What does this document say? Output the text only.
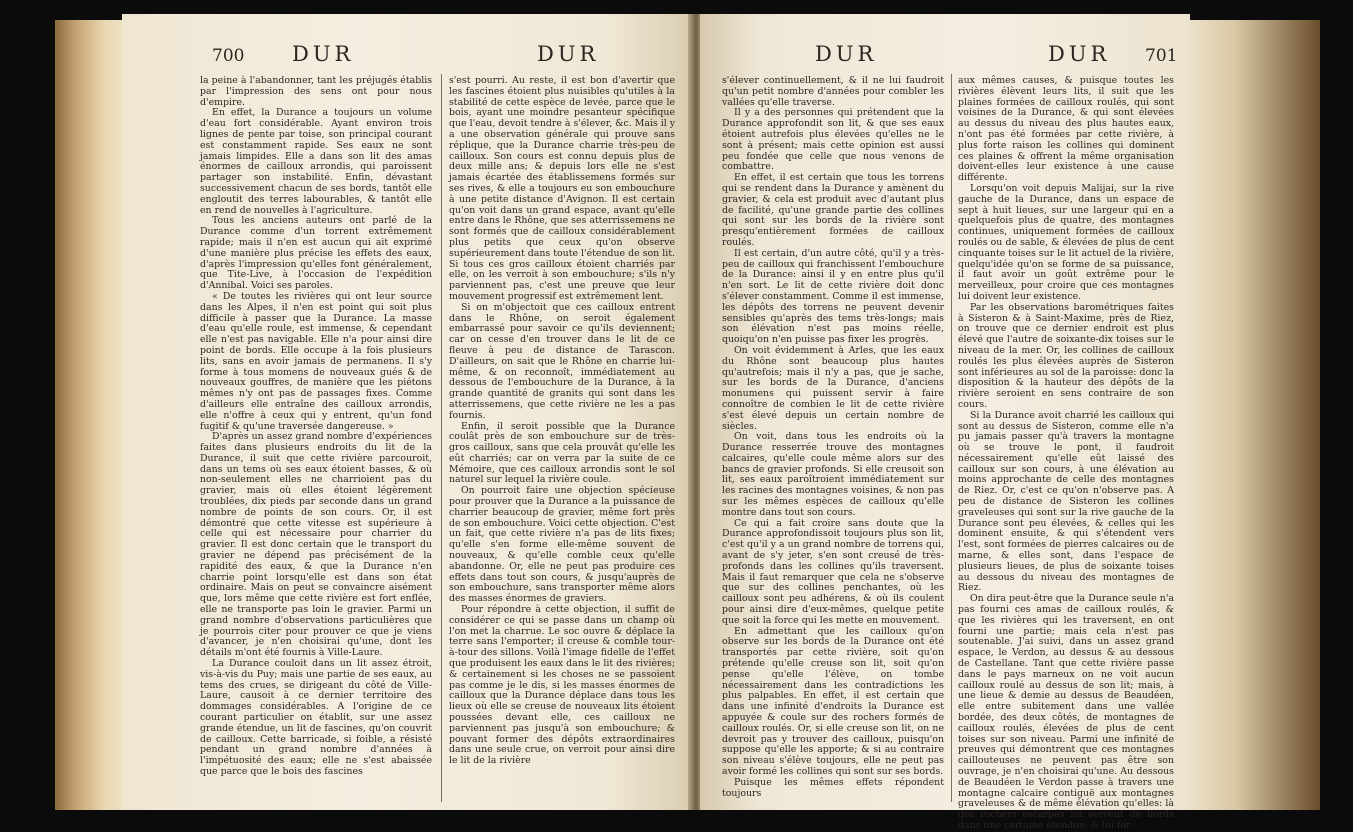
700 DUR	DUR

la peine à l'abandonner, tant les préjugés établis par l'impression des sens ont pour nous d'empire.

En effet, la Durance a toujours un volume d'eau fort considérable. Ayant environ trois lignes de pente par toise, son principal courant est constamment rapide. Ses eaux ne sont jamais limpides. Elle a dans son lit des amas énormes de cailloux arrondis, qui paroissent partager son instabilité. Enfin, dévastant successivement chacun de ses bords, tantôt elle engloutit des terres labourables, & tantôt elle en rend de nouvelles à l'agriculture.

Tous les anciens auteurs ont parlé de la Durance comme d'un torrent extrêmement rapide; mais il n'en est aucun qui ait exprimé d'une manière plus précise les effets des eaux, d'après l'impression qu'elles font généralement, que Tite-Live, à l'occasion de l'expédition d'Annibal. Voici ses paroles.

« De toutes les rivières qui ont leur source dans les Alpes, il n'en est point qui soit plus difficile à passer que la Durance. La masse d'eau qu'elle roule, est immense, & cependant elle n'est pas navigable. Elle n'a pour ainsi dire point de bords. Elle occupe à la fois plusieurs lits, sans en avoir jamais de permanens. Il s'y forme à tous momens de nouveaux gués & de nouveaux gouffres, de manière que les piétons mêmes n'y ont pas de passages fixes. Comme d'ailleurs elle entraîne des cailloux arrondis, elle n'offre à ceux qui y entrent, qu'un fond fugitif & qu'une traversée dangereuse. »

D'après un assez grand nombre d'expériences faites dans plusieurs endroits du lit de la Durance, il suit que cette rivière parcouroit, dans un tems où ses eaux étoient basses, & où non-seulement elles ne charrioient pas du gravier, mais où elles étoient légèrement troublées, dix pieds par seconde dans un grand nombre de points de son cours. Or, il est démontré que cette vitesse est supérieure à celle qui est nécessaire pour charrier du gravier. Il est donc certain que le transport du gravier ne dépend pas précisément de la rapidité des eaux, & que la Durance n'en charrie point lorsqu'elle est dans son état ordinaire. Mais on peut se convaincre aisément que, lors même que cette rivière est fort enflée, elle ne transporte pas loin le gravier. Parmi un grand nombre d'observations particulières que je pourrois citer pour prouver ce que je viens d'avancer, je n'en choisirai qu'une, dont les détails m'ont été fournis à Ville-Laure.

La Durance couloit dans un lit assez étroit, vis-à-vis du Puy; mais une partie de ses eaux, au tems des crues, se dirigeant du côté de Ville-Laure, causoit à ce dernier territoire des dommages considérables. A l'origine de ce courant particulier on établit, sur une assez grande étendue, un lit de fascines, qu'on couvrit de cailloux. Cette barricade, si foible, a résisté pendant un grand nombre d'années à l'impétuosité des eaux; elle ne s'est abaissée que parce que le bois des fascines

s'est pourri. Au reste, il est bon d'avertir que les fascines étoient plus nuisibles qu'utiles à la stabilité de cette espèce de levée, parce que le bois, ayant une moindre pesanteur spécifique que l'eau, devoit tendre à s'élever, &c. Mais il y a une observation générale qui prouve sans réplique, que la Durance charrie très-peu de cailloux. Son cours est connu depuis plus de deux mille ans; & depuis lors elle ne s'est jamais écartée des établissemens formés sur ses rives, & elle a toujours eu son embouchure à une petite distance d'Avignon. Il est certain qu'on voit dans un grand espace, avant qu'elle entre dans le Rhône, que ses atterrissemens ne sont formés que de cailloux considérablement plus petits que ceux qu'on observe supérieurement dans toute l'étendue de son lit. Si tous ces gros cailloux étoient charriés par elle, on les verroit à son embouchure; s'ils n'y parviennent pas, c'est une preuve que leur mouvement progressif est extrêmement lent.

Si on m'objectoit que ces cailloux entrent dans le Rhône, on seroit également embarrassé pour savoir ce qu'ils deviennent; car on cesse d'en trouver dans le lit de ce fleuve à peu de distance de Tarascon. D'ailleurs, on sait que le Rhône en charrie lui-même, & on reconnoît, immédiatement au dessous de l'embouchure de la Durance, à la grande quantité de granits qui sont dans les atterrissemens, que cette rivière ne les a pas fournis.

Enfin, il seroit possible que la Durance coulât près de son embouchure sur de très-gros cailloux, sans que cela prouvât qu'elle les eût charriés; car on verra par la suite de ce Mémoire, que ces cailloux arrondis sont le sol naturel sur lequel la rivière coule.

On pourroit faire une objection spécieuse pour prouver que la Durance a la puissance de charrier beaucoup de gravier, même fort près de son embouchure. Voici cette objection. C'est un fait, que cette rivière n'a pas de lits fixes; qu'elle s'en forme elle-même souvent de nouveaux, & qu'elle comble ceux qu'elle abandonne. Or, elle ne peut pas produire ces effets dans tout son cours, & jusqu'auprès de son embouchure, sans transporter même alors des masses énormes de graviers.

Pour répondre à cette objection, il suffit de considérer ce qui se passe dans un champ où l'on met la charrue. Le soc ouvre & déplace la terre sans l'emporter; il creuse & comble tour-à-tour des sillons. Voilà l'image fidelle de l'effet que produisent les eaux dans le lit des rivières; & certainement si les choses ne se passoient pas comme je le dis, si les masses énormes de cailloux que la Durance déplace dans tous les lieux où elle se creuse de nouveaux lits étoient poussées devant elle, ces cailloux ne parviennent pas jusqu'à son embouchure; & pouvant former des dépôts extraordinaires dans une seule crue, on verroit pour ainsi dire le lit de la rivière

DUR	DUR 701

s'élever continuellement, & il ne lui faudroit qu'un petit nombre d'années pour combler les vallées qu'elle traverse.

Il y a des personnes qui prétendent que la Durance approfondit son lit, & que ses eaux étoient autrefois plus élevées qu'elles ne le sont à présent; mais cette opinion est aussi peu fondée que celle que nous venons de combattre.

En effet, il est certain que tous les torrens qui se rendent dans la Durance y amènent du gravier, & cela est produit avec d'autant plus de facilité, qu'une grande partie des collines qui sont sur les bords de la rivière sont presqu'entièrement formées de cailloux roulés.

Il est certain, d'un autre côté, qu'il y a très-peu de cailloux qui franchissent l'embouchure de la Durance: ainsi il y en entre plus qu'il n'en sort. Le lit de cette rivière doit donc s'élever constamment. Comme il est immense, les dépôts des torrens ne peuvent devenir sensibles qu'après des tems très-longs; mais son élévation n'est pas moins réelle, quoiqu'on n'en puisse pas fixer les progrès.

On voit évidemment à Arles, que les eaux du Rhône sont beaucoup plus hautes qu'autrefois; mais il n'y a pas, que je sache, sur les bords de la Durance, d'anciens monumens qui puissent servir à faire connoître de combien le lit de cette rivière s'est élevé depuis un certain nombre de siècles.

On voit, dans tous les endroits où la Durance resserrée trouve des montagnes calcaires, qu'elle coule même alors sur des bancs de gravier profonds. Si elle creusoit son lit, ses eaux paroîtroient immédiatement sur les racines des montagnes voisines, & non pas sur les mêmes espèces de cailloux qu'elle montre dans tout son cours.

Ce qui a fait croire sans doute que la Durance approfondissoit toujours plus son lit, c'est qu'il y a un grand nombre de torrens qui, avant de s'y jeter, s'en sont creusé de très-profonds dans les collines qu'ils traversent. Mais il faut remarquer que cela ne s'observe que sur des collines penchantes, où les cailloux sont peu adhérens, & où ils coulent pour ainsi dire d'eux-mêmes, quelque petite que soit la force qui les mette en mouvement.

En admettant que les cailloux qu'on observe sur les bords de la Durance ont été transportés par cette rivière, soit qu'on prétende qu'elle creuse son lit, soit qu'on pense qu'elle l'élève, on tombe nécessairement dans les contradictions les plus palpables. En effet, il est certain que dans une infinité d'endroits la Durance est appuyée & coule sur des rochers formés de cailloux roulés. Or, si elle creuse son lit, on ne devroit pas y trouver des cailloux, puisqu'on suppose qu'elle les apporte; & si au contraire son niveau s'élève toujours, elle ne peut pas avoir formé les collines qui sont sur ses bords.

Puisque les mêmes effets répondent toujours

aux mêmes causes, & puisque toutes les rivières élèvent leurs lits, il suit que les plaines formées de cailloux roulés, qui sont voisines de la Durance, & qui sont élevées au dessus du niveau des plus hautes eaux, n'ont pas été formées par cette rivière, à plus forte raison les collines qui dominent ces plaines & offrent la même organisation doivent-elles leur existence à une cause différente.

Lorsqu'on voit depuis Malijai, sur la rive gauche de la Durance, dans un espace de sept à huit lieues, sur une largeur qui en a quelquefois plus de quatre, des montagnes continues, uniquement formées de cailloux roulés ou de sable, & élevées de plus de cent cinquante toises sur le lit actuel de la rivière, quelqu'idée qu'on se forme de sa puissance, il faut avoir un goût extrême pour le merveilleux, pour croire que ces montagnes lui doivent leur existence.

Par les observations barométriques faites à Sisteron & à Saint-Maxime, près de Riez, on trouve que ce dernier endroit est plus élevé que l'autre de soixante-dix toises sur le niveau de la mer. Or, les collines de cailloux roulés les plus élevées auprès de Sisteron sont inférieures au sol de la paroisse: donc la disposition & la hauteur des dépôts de la rivière seroient en sens contraire de son cours.

Si la Durance avoit charrié les cailloux qui sont au dessus de Sisteron, comme elle n'a pu jamais passer qu'à travers la montagne où se trouve le pont, il faudroit nécessairement qu'elle eût laissé des cailloux sur son cours, à une élévation au moins approchante de celle des montagnes de Riez. Or, c'est ce qu'on n'observe pas. A peu de distance de Sisteron les collines graveleuses qui sont sur la rive gauche de la Durance sont peu élevées, & celles qui les dominent ensuite, & qui s'étendent vers l'est, sont formées de pierres calcaires ou de marne, & elles sont, dans l'espace de plusieurs lieues, de plus de soixante toises au dessous du niveau des montagnes de Riez.

On dira peut-être que la Durance seule n'a pas fourni ces amas de cailloux roulés, & que les rivières qui les traversent, en ont fourni une partie; mais cela n'est pas soutenable. J'ai suivi, dans un assez grand espace, le Verdon, au dessus & au dessous de Castellane. Tant que cette rivière passe dans le pays marneux on ne voit aucun cailloux roulé au dessus de son lit; mais, à une lieue & demie au dessus de Beaudéen, elle entre subitement dans une vallée bordée, des deux côtés, de montagnes de cailloux roulés, élevées de plus de cent toises sur son niveau. Parmi une infinité de preuves qui démontrent que ces montagnes caillouteuses ne peuvent pas être son ouvrage, je n'en choisirai qu'une. Au dessous de Beaudéen le Verdon passe à travers une montagne calcaire contiguë aux montagnes graveleuses & de même élévation qu'elles: là des rochers escarpés lui servent de bords dans une certaine étendue, & lui for-
